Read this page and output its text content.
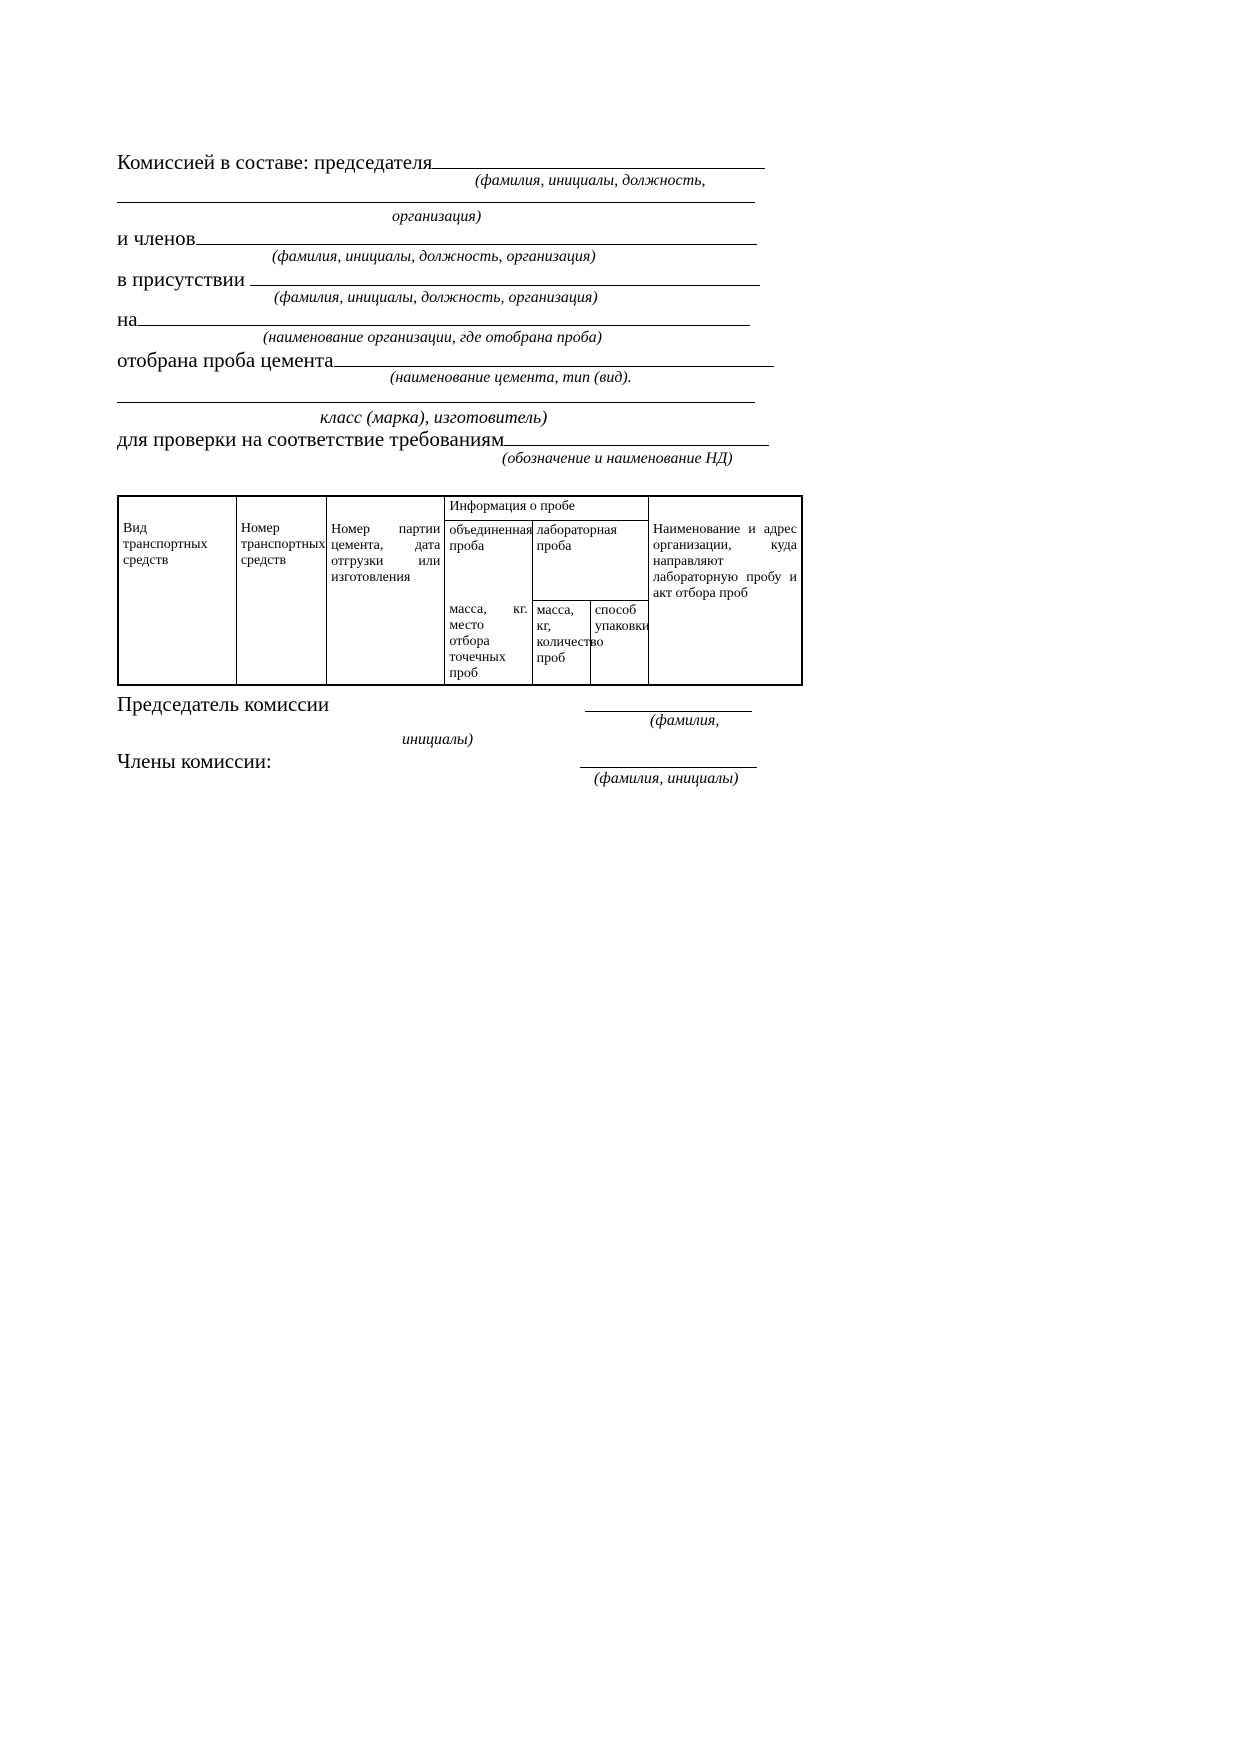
Комиссией в составе: председателя
(фамилия, инициалы, должность,
организация)
и членов
(фамилия, инициалы, должность, организация)
в присутствии
(фамилия, инициалы, должность, организация)
на
(наименование организации, где отобрана проба)
отобрана проба цемента
(наименование цемента, тип (вид).
класс (марка), изготовитель)
для проверки на соответствие требованиям
(обозначение и наименование НД)
			Информация о пробе			
Вид транспортных средств	Номер транспортных средств	Номер партии цемента, дата отгрузки или изготовления	объединенная проба	лабораторная проба		Наименование и адрес организации, куда направляют лабораторную пробу и акт отбора проб
			масса, кг. место отбора точечных проб	масса, кг, количество проб	способ упаковки	
Председатель комиссии
(фамилия,
инициалы)
Члены комиссии:
(фамилия, инициалы)
